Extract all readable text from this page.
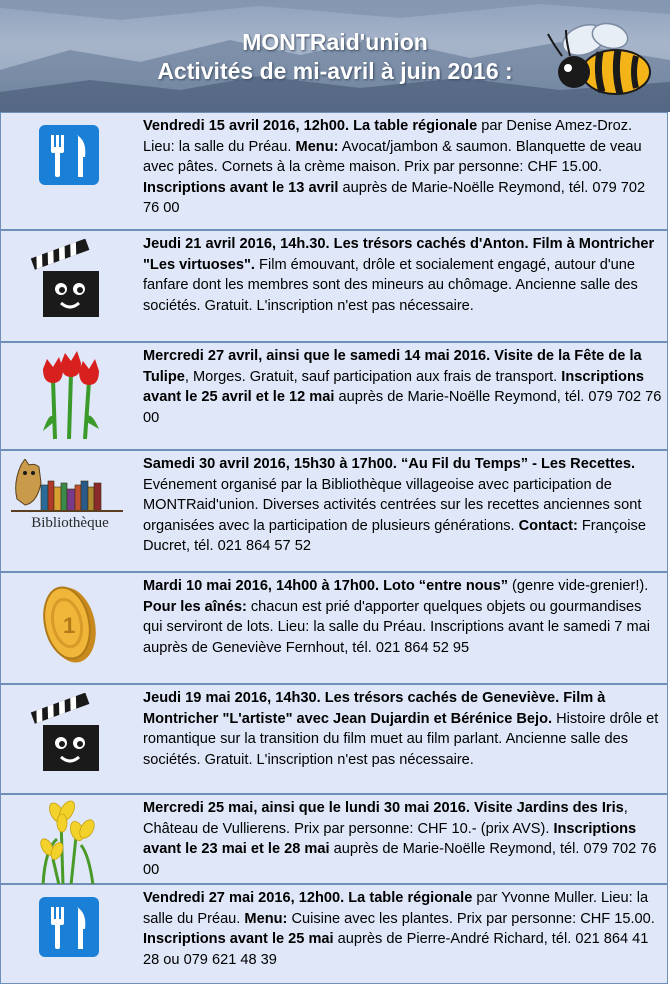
MONTRaid'union
Activités de mi-avril à juin 2016 :
Vendredi 15 avril 2016, 12h00. La table régionale par Denise Amez-Droz. Lieu: la salle du Préau. Menu: Avocat/jambon & saumon. Blanquette de veau avec pâtes. Cornets à la crème maison. Prix par personne: CHF 15.00. Inscriptions avant le 13 avril auprès de Marie-Noëlle Reymond, tél. 079 702 76 00
Jeudi 21 avril 2016, 14h.30. Les trésors cachés d'Anton. Film à Montricher "Les virtuoses". Film émouvant, drôle et socialement engagé, autour d'une fanfare dont les membres sont des mineurs au chômage. Ancienne salle des sociétés. Gratuit. L'inscription n'est pas nécessaire.
Mercredi 27 avril, ainsi que le samedi 14 mai 2016. Visite de la Fête de la Tulipe, Morges. Gratuit, sauf participation aux frais de transport. Inscriptions avant le 25 avril et le 12 mai auprès de Marie-Noëlle Reymond, tél. 079 702 76 00
Bibliothèque
Samedi 30 avril 2016, 15h30 à 17h00. “Au Fil du Temps” - Les Recettes. Evénement organisé par la Bibliothèque villageoise avec participation de MONTRaid'union. Diverses activités centrées sur les recettes anciennes sont organisées avec la participation de plusieurs générations. Contact: Françoise Ducret, tél. 021 864 57 52
1
Mardi 10 mai 2016, 14h00 à 17h00. Loto “entre nous” (genre vide-grenier!). Pour les aînés: chacun est prié d'apporter quelques objets ou gourmandises qui serviront de lots. Lieu: la salle du Préau. Inscriptions avant le samedi 7 mai auprès de Geneviève Fernhout, tél. 021 864 52 95
Jeudi 19 mai 2016, 14h30. Les trésors cachés de Geneviève. Film à Montricher "L'artiste" avec Jean Dujardin et Bérénice Bejo. Histoire drôle et romantique sur la transition du film muet au film parlant. Ancienne salle des sociétés. Gratuit. L'inscription n'est pas nécessaire.
Mercredi 25 mai, ainsi que le lundi 30 mai 2016. Visite Jardins des Iris, Château de Vullierens. Prix par personne: CHF 10.- (prix AVS). Inscriptions avant le 23 mai et le 28 mai auprès de Marie-Noëlle Reymond, tél. 079 702 76 00
Vendredi 27 mai 2016, 12h00. La table régionale par Yvonne Muller. Lieu: la salle du Préau. Menu: Cuisine avec les plantes. Prix par personne: CHF 15.00. Inscriptions avant le 25 mai auprès de Pierre-André Richard, tél. 021 864 41 28 ou 079 621 48 39
